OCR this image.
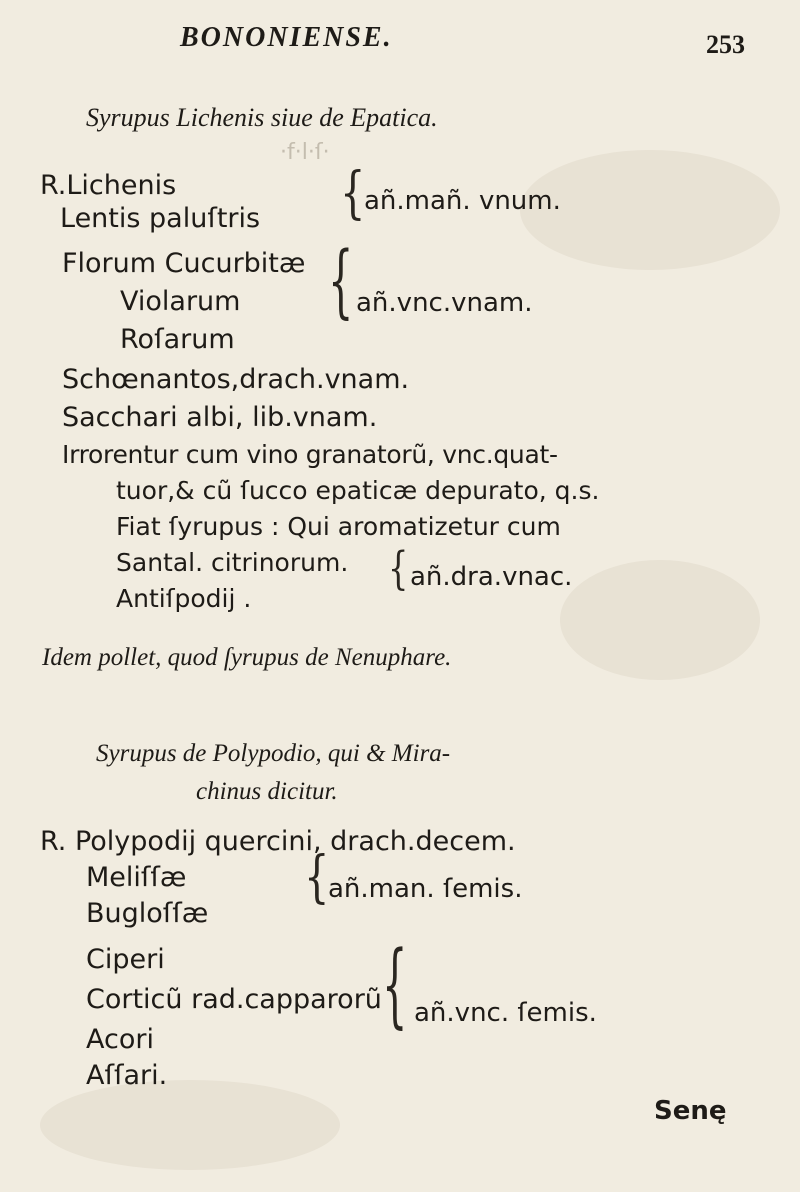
BONONIENSE.	253
Syrupus Lichenis siue de Epatica.
·f·l·ſ·
R.Lichenis
Lentis paluſtris {
añ.mañ. vnum.
Florum Cucurbitæ
Violarum
Roſarum
{ añ.vnc.vnam.
Schœnantos,drach.vnam.
Sacchari albi, lib.vnam.
Irrorentur cum vino granatorũ, vnc.quat-
tuor,& cũ ſucco epaticæ depurato, q.s.
Fiat ſyrupus : Qui aromatizetur cum
Santal. citrinorum.
Antiſpodij .
{ añ.dra.vnac.
Idem pollet, quod ſyrupus de Nenuphare.
Syrupus de Polypodio, qui & Mira-
chinus dicitur.
R. Polypodij quercini, drach.decem.
Meliſſæ
Bugloſſæ
{
añ.man. ſemis.
Ciperi
Corticũ rad.capparorũ
Acori
Aſſari.
{ añ.vnc. ſemis.
Senę
